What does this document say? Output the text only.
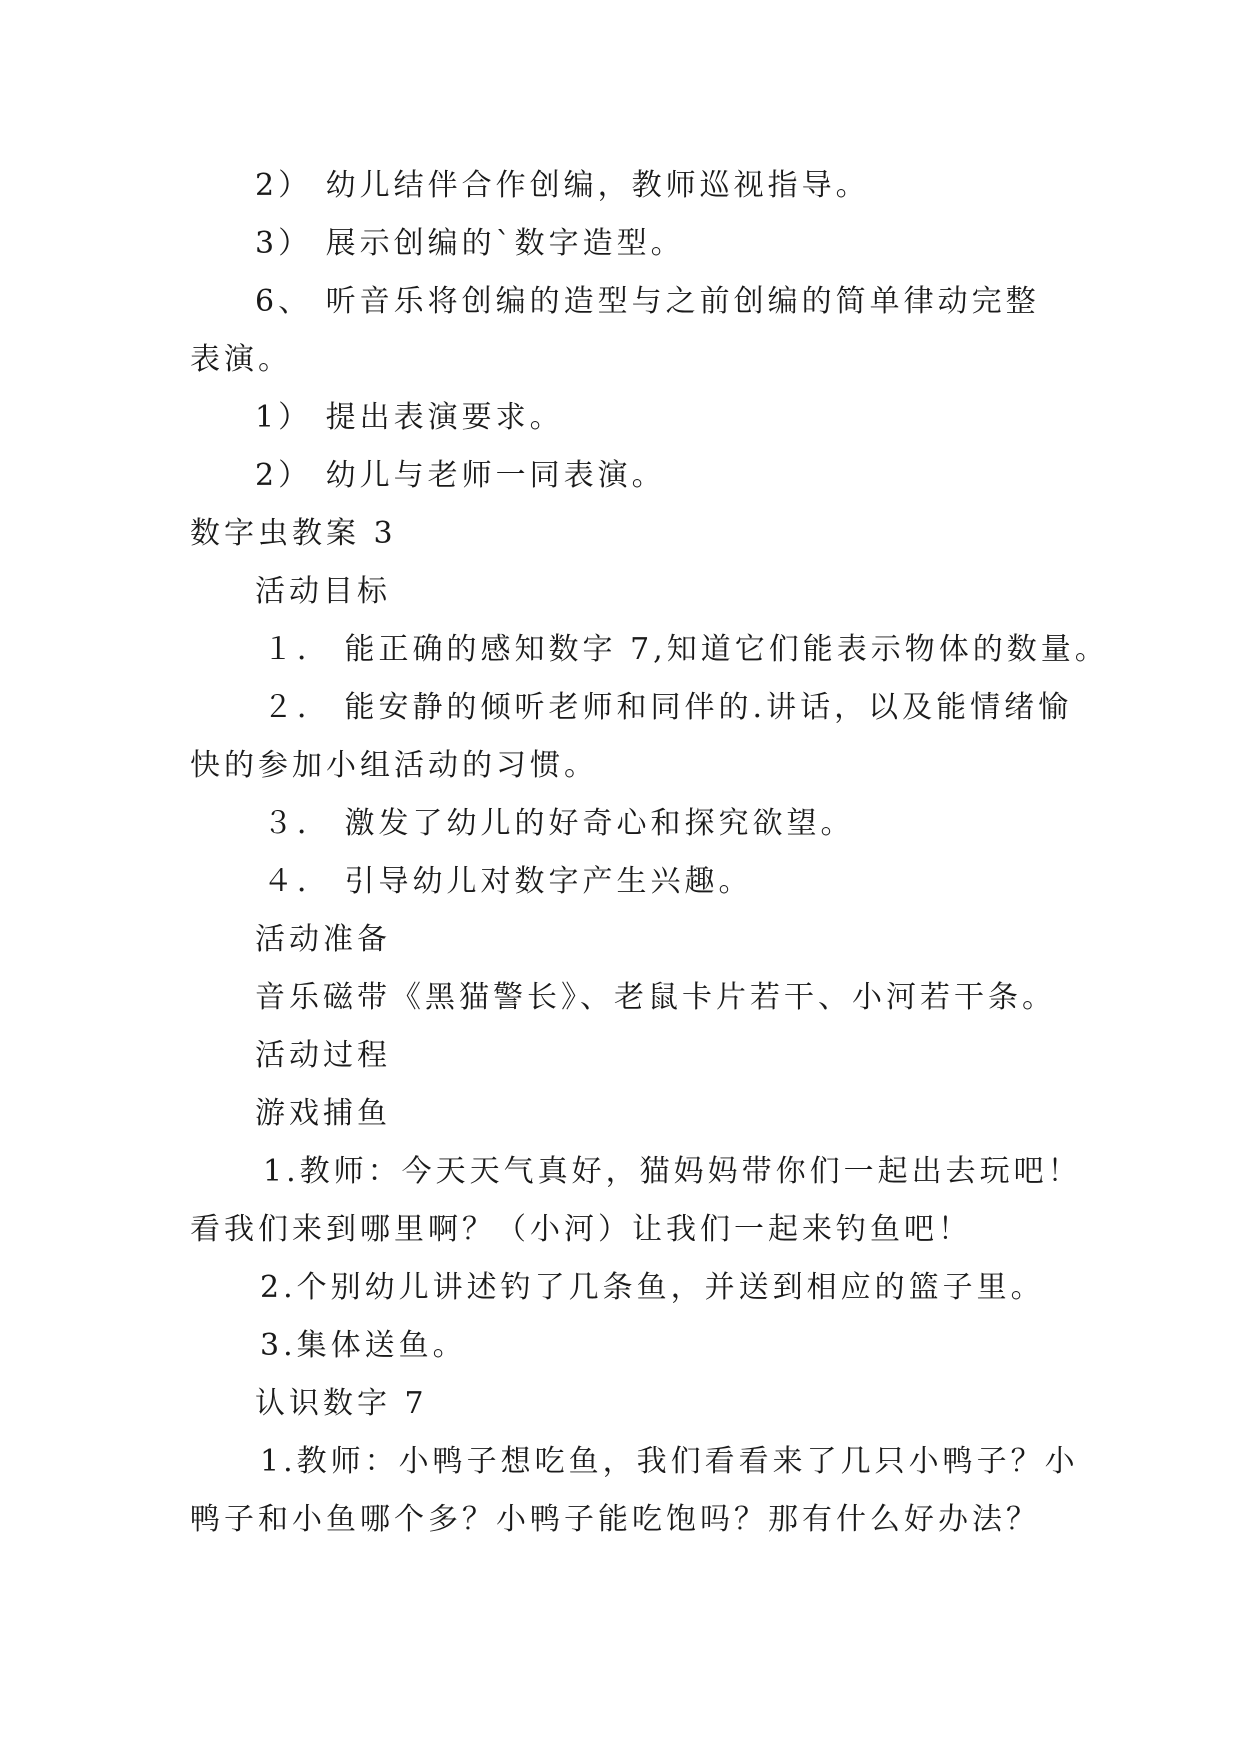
2） 幼儿结伴合作创编，教师巡视指导。
3） 展示创编的`数字造型。
6、 听音乐将创编的造型与之前创编的简单律动完整
表演。
1） 提出表演要求。
2） 幼儿与老师一同表演。
数字虫教案 3
活动目标
１． 能正确的感知数字 7,知道它们能表示物体的数量。
２． 能安静的倾听老师和同伴的.讲话，以及能情绪愉
快的参加小组活动的习惯。
３． 激发了幼儿的好奇心和探究欲望。
４． 引导幼儿对数字产生兴趣。
活动准备
音乐磁带《黑猫警长》、老鼠卡片若干、小河若干条。
活动过程
游戏捕鱼
1.教师：今天天气真好，猫妈妈带你们一起出去玩吧！
看我们来到哪里啊？（小河）让我们一起来钓鱼吧！
2.个别幼儿讲述钓了几条鱼，并送到相应的篮子里。
3.集体送鱼。
认识数字 7
1.教师：小鸭子想吃鱼，我们看看来了几只小鸭子？小
鸭子和小鱼哪个多？小鸭子能吃饱吗？那有什么好办法？
